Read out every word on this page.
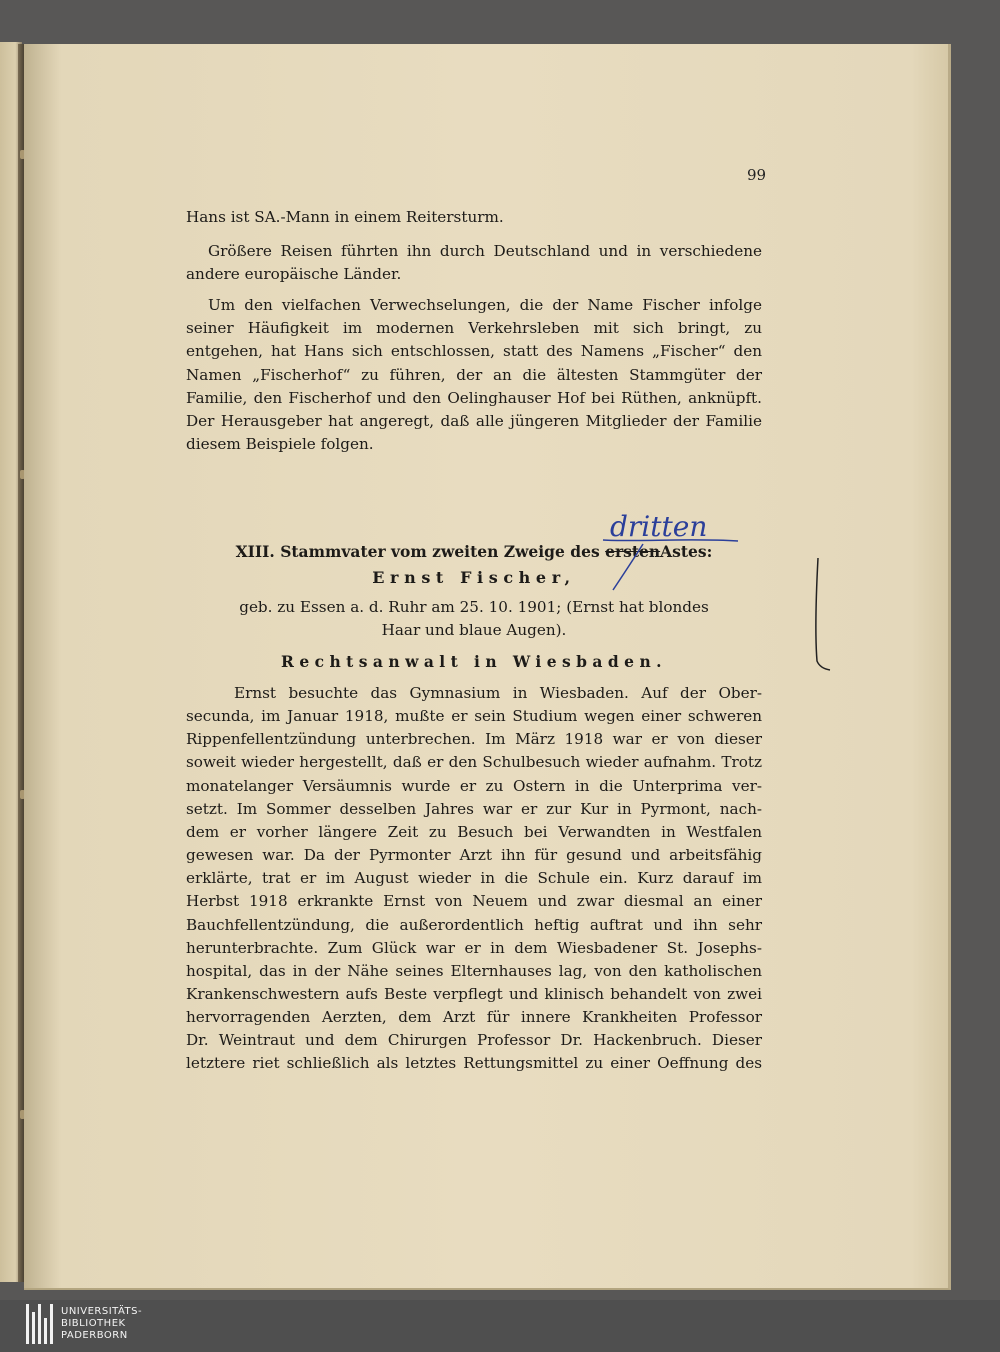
99

Hans ist SA.-Mann in einem Reitersturm.

Größere Reisen führten ihn durch Deutschland und in verschiedene andere europäische Länder.

Um den vielfachen Verwechselungen, die der Name Fischer infolge seiner Häufigkeit im modernen Verkehrsleben mit sich bringt, zu entgehen, hat Hans sich entschlossen, statt des Namens „Fischer“ den Namen „Fischerhof“ zu führen, der an die ältesten Stammgüter der Familie, den Fischerhof und den Oelinghauser Hof bei Rüthen, anknüpft. Der Herausgeber hat angeregt, daß alle jüngeren Mitglieder der Familie diesem Beispiele folgen.

XIII. Stammvater vom zweiten Zweige des erstenAstes:
Ernst Fischer,

geb. zu Essen a. d. Ruhr am 25. 10. 1901; (Ernst hat blondes Haar und blaue Augen).

Rechtsanwalt in Wiesbaden.
Ernst besuchte das Gymnasium in Wiesbaden. Auf der Ober-
secunda, im Januar 1918, mußte er sein Studium wegen einer schweren
Rippenfellentzündung unterbrechen. Im März 1918 war er von dieser
soweit wieder hergestellt, daß er den Schulbesuch wieder aufnahm. Trotz
monatelanger Versäumnis wurde er zu Ostern in die Unterprima ver-
setzt. Im Sommer desselben Jahres war er zur Kur in Pyrmont, nach-
dem er vorher längere Zeit zu Besuch bei Verwandten in Westfalen
gewesen war. Da der Pyrmonter Arzt ihn für gesund und arbeitsfähig
erklärte, trat er im August wieder in die Schule ein. Kurz darauf im
Herbst 1918 erkrankte Ernst von Neuem und zwar diesmal an einer
Bauchfellentzündung, die außerordentlich heftig auftrat und ihn sehr
herunterbrachte. Zum Glück war er in dem Wiesbadener St. Josephs-
hospital, das in der Nähe seines Elternhauses lag, von den katholischen
Krankenschwestern aufs Beste verpflegt und klinisch behandelt von zwei
hervorragenden Aerzten, dem Arzt für innere Krankheiten Professor
Dr. Weintraut und dem Chirurgen Professor Dr. Hackenbruch. Dieser
letztere riet schließlich als letztes Rettungsmittel zu einer Oeffnung des
dritten
UNIVERSITÄTS-
BIBLIOTHEK
PADERBORN
